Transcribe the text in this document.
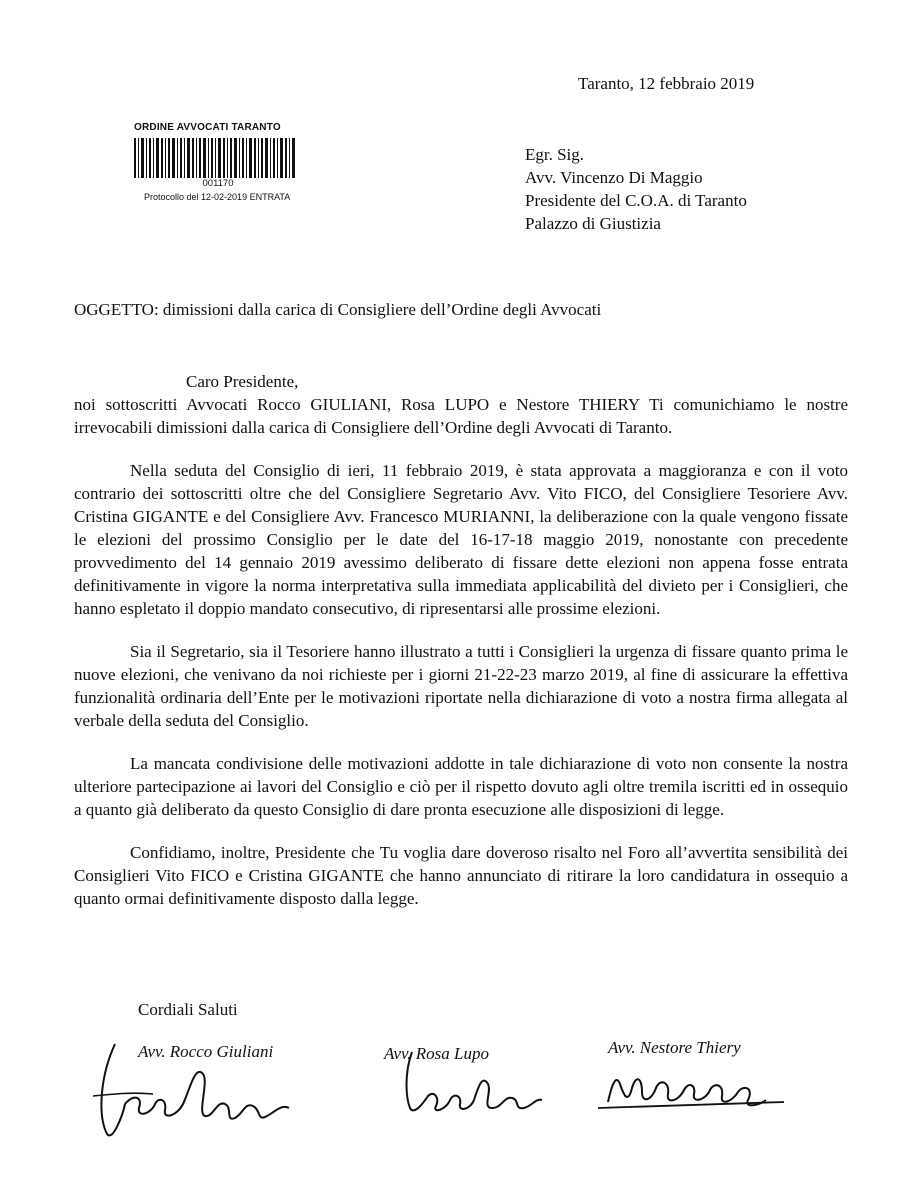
Taranto, 12 febbraio 2019
ORDINE AVVOCATI TARANTO
001170
Protocollo del 12-02-2019 ENTRATA
Egr. Sig.
Avv. Vincenzo Di Maggio
Presidente del C.O.A. di Taranto
Palazzo di Giustizia
OGGETTO: dimissioni dalla carica di Consigliere dell’Ordine degli Avvocati

Caro Presidente,

noi sottoscritti Avvocati Rocco GIULIANI, Rosa LUPO e Nestore THIERY Ti comunichiamo le nostre irrevocabili dimissioni dalla carica di Consigliere dell’Ordine degli Avvocati di Taranto.

Nella seduta del Consiglio di ieri, 11 febbraio 2019, è stata approvata a maggioranza e con il voto contrario dei sottoscritti oltre che del Consigliere Segretario Avv. Vito FICO, del Consigliere Tesoriere Avv. Cristina GIGANTE e del Consigliere Avv. Francesco MURIANNI, la deliberazione con la quale vengono fissate le elezioni del prossimo Consiglio per le date del 16-17-18 maggio 2019, nonostante con precedente provvedimento del 14 gennaio 2019 avessimo deliberato di fissare dette elezioni non appena fosse entrata definitivamente in vigore la norma interpretativa sulla immediata applicabilità del divieto per i Consiglieri, che hanno espletato il doppio mandato consecutivo, di ripresentarsi alle prossime elezioni.

Sia il Segretario, sia il Tesoriere hanno illustrato a tutti i Consiglieri la urgenza di fissare quanto prima le nuove elezioni, che venivano da noi richieste per i giorni 21-22-23 marzo 2019, al fine di assicurare la effettiva funzionalità ordinaria dell’Ente per le motivazioni riportate nella dichiarazione di voto a nostra firma allegata al verbale della seduta del Consiglio.

La mancata condivisione delle motivazioni addotte in tale dichiarazione di voto non consente la nostra ulteriore partecipazione ai lavori del Consiglio e ciò per il rispetto dovuto agli oltre tremila iscritti ed in ossequio a quanto già deliberato da questo Consiglio di dare pronta esecuzione alle disposizioni di legge.

Confidiamo, inoltre, Presidente che Tu voglia dare doveroso risalto nel Foro all’avvertita sensibilità dei Consiglieri Vito FICO e Cristina GIGANTE che hanno annunciato di ritirare la loro candidatura in ossequio a quanto ormai definitivamente disposto dalla legge.

Cordiali Saluti
Avv. Rocco Giuliani	Avv. Rosa Lupo	Avv. Nestore Thiery
